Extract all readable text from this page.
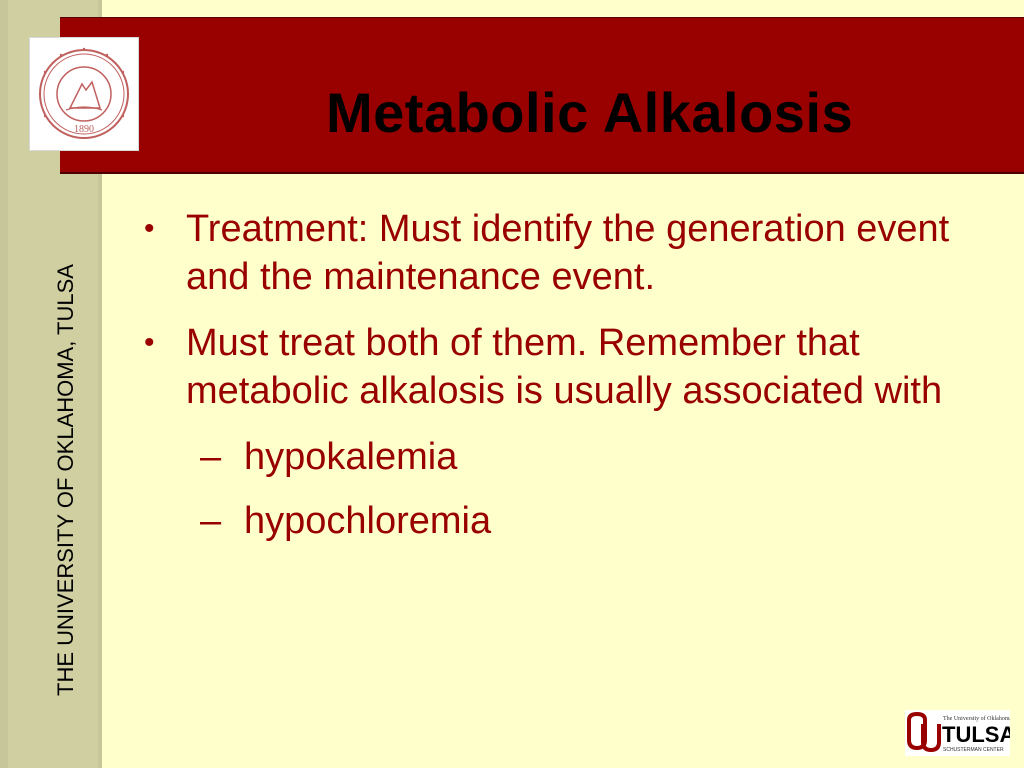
THE UNIVERSITY OF OKLAHOMA, TULSA
Metabolic Alkalosis
1890
• Treatment: Must identify the generation event and the maintenance event.
• Must treat both of them. Remember that metabolic alkalosis is usually associated with
– hypokalemia
– hypochloremia
The University of Oklahoma
TULSA
SCHUSTERMAN CENTER
